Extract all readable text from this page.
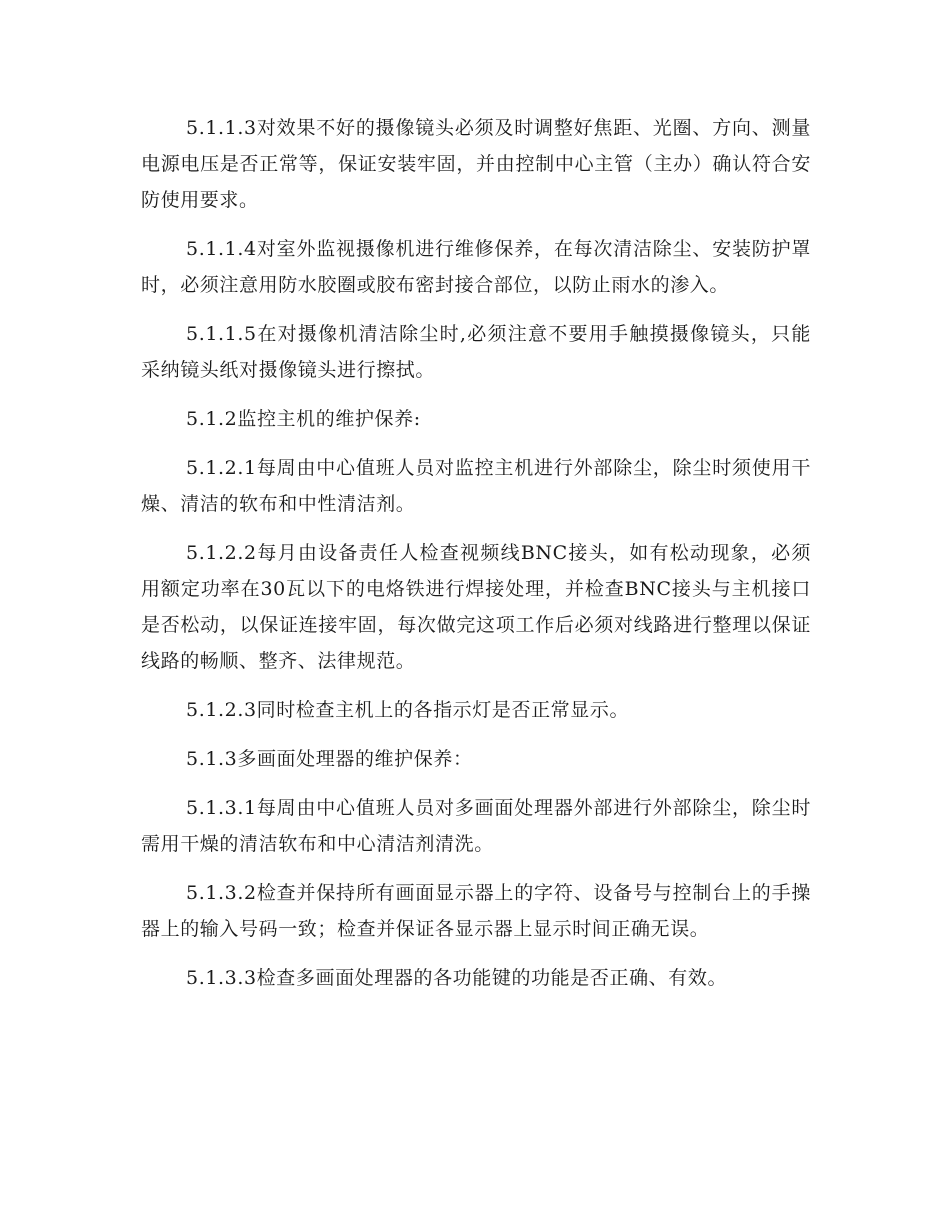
5.1.1.3对效果不好的摄像镜头必须及时调整好焦距、光圈、方向、测量电源电压是否正常等，保证安装牢固，并由控制中心主管（主办）确认符合安防使用要求。

5.1.1.4对室外监视摄像机进行维修保养，在每次清洁除尘、安装防护罩时，必须注意用防水胶圈或胶布密封接合部位，以防止雨水的渗入。

5.1.1.5在对摄像机清洁除尘时,必须注意不要用手触摸摄像镜头，只能采纳镜头纸对摄像镜头进行擦拭。

5.1.2监控主机的维护保养:

5.1.2.1每周由中心值班人员对监控主机进行外部除尘，除尘时须使用干燥、清洁的软布和中性清洁剂。

5.1.2.2每月由设备责任人检查视频线BNC接头，如有松动现象，必须用额定功率在30瓦以下的电烙铁进行焊接处理，并检查BNC接头与主机接口是否松动，以保证连接牢固，每次做完这项工作后必须对线路进行整理以保证线路的畅顺、整齐、法律规范。

5.1.2.3同时检查主机上的各指示灯是否正常显示。

5.1.3多画面处理器的维护保养：

5.1.3.1每周由中心值班人员对多画面处理器外部进行外部除尘，除尘时需用干燥的清洁软布和中心清洁剂清洗。

5.1.3.2检查并保持所有画面显示器上的字符、设备号与控制台上的手操器上的输入号码一致；检查并保证各显示器上显示时间正确无误。

5.1.3.3检查多画面处理器的各功能键的功能是否正确、有效。
